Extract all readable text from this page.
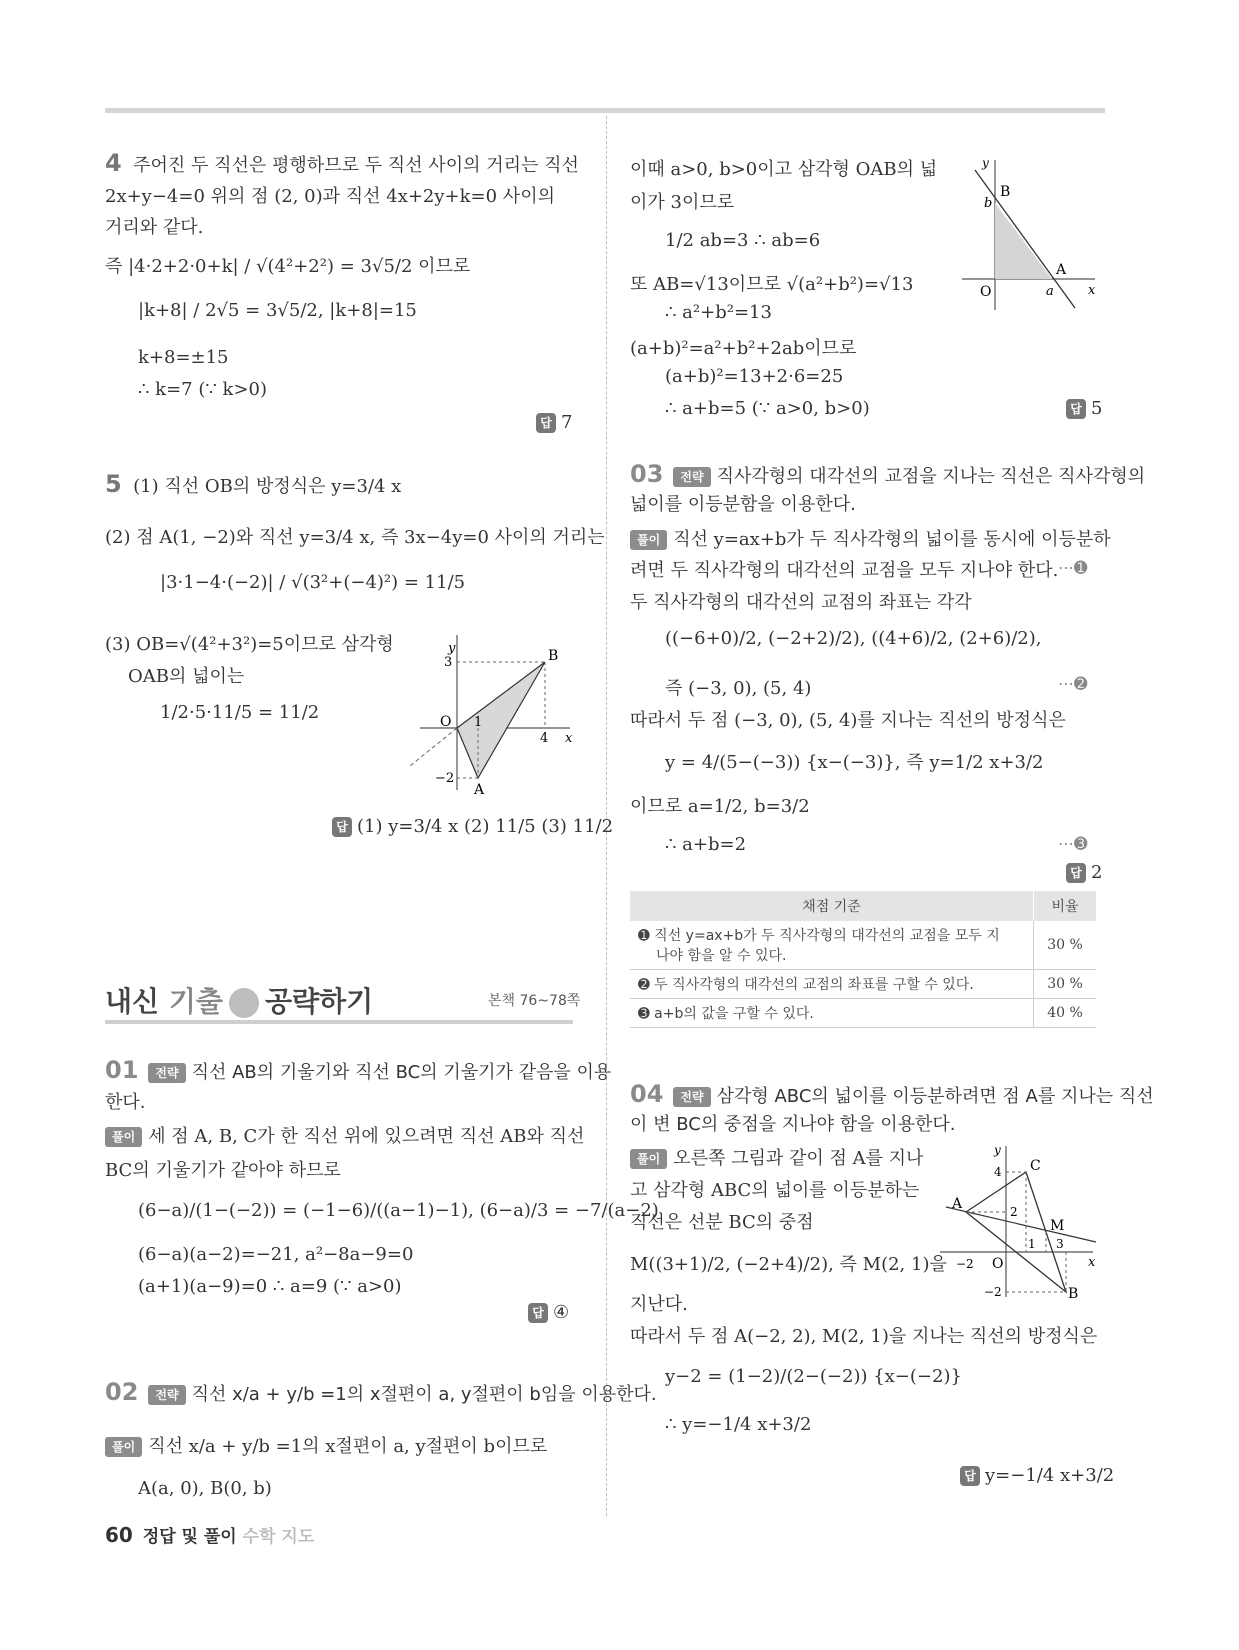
4 주어진 두 직선은 평행하므로 두 직선 사이의 거리는 직선
2x+y−4=0 위의 점 (2, 0)과 직선 4x+2y+k=0 사이의
거리와 같다.
즉 |4·2+2·0+k| / √(4²+2²) = 3√5/2 이므로
|k+8| / 2√5 = 3√5/2, |k+8|=15
k+8=±15
∴ k=7 (∵ k>0)
답 7
5 (1) 직선 OB의 방정식은 y=3/4 x
(2) 점 A(1, −2)와 직선 y=3/4 x, 즉 3x−4y=0 사이의 거리는
|3·1−4·(−2)| / √(3²+(−4)²) = 11/5
(3) OB=√(4²+3²)=5이므로 삼각형
OAB의 넓이는
1/2·5·11/5 = 11/2
y
x
3
O 1
4
−2
B
A
답 (1) y=3/4 x (2) 11/5 (3) 11/2
내신 기출 공략하기	본책 76~78쪽
01 전략 직선 AB의 기울기와 직선 BC의 기울기가 같음을 이용
한다.
풀이 세 점 A, B, C가 한 직선 위에 있으려면 직선 AB와 직선
BC의 기울기가 같아야 하므로
(6−a)/(1−(−2)) = (−1−6)/((a−1)−1), (6−a)/3 = −7/(a−2)
(6−a)(a−2)=−21, a²−8a−9=0
(a+1)(a−9)=0 ∴ a=9 (∵ a>0)
답 ④
02 전략 직선 x/a + y/b =1의 x절편이 a, y절편이 b임을 이용한다.
풀이 직선 x/a + y/b =1의 x절편이 a, y절편이 b이므로
A(a, 0), B(0, b)
60 정답 및 풀이 수학 지도
이때 a>0, b>0이고 삼각형 OAB의 넓
이가 3이므로
1/2 ab=3 ∴ ab=6
또 AB=√13이므로 √(a²+b²)=√13
∴ a²+b²=13
(a+b)²=a²+b²+2ab이므로
(a+b)²=13+2·6=25
∴ a+b=5 (∵ a>0, b>0)	답 5
y
x
B
b
O
A
a
03 전략 직사각형의 대각선의 교점을 지나는 직선은 직사각형의
넓이를 이등분함을 이용한다.
풀이 직선 y=ax+b가 두 직사각형의 넓이를 동시에 이등분하
려면 두 직사각형의 대각선의 교점을 모두 지나야 한다. ⋯➊
두 직사각형의 대각선의 교점의 좌표는 각각
((−6+0)/2, (−2+2)/2), ((4+6)/2, (2+6)/2),
즉 (−3, 0), (5, 4)	⋯➋
따라서 두 점 (−3, 0), (5, 4)를 지나는 직선의 방정식은
y = 4/(5−(−3)) {x−(−3)}, 즉 y=1/2 x+3/2
이므로 a=1/2, b=3/2
∴ a+b=2	⋯➌
답 2
채점 기준	비율

➊ 직선 y=ax+b가 두 직사각형의 대각선의 교점을 모두 지
나야 함을 알 수 있다.	30 %
➋ 두 직사각형의 대각선의 교점의 좌표를 구할 수 있다.	30 %
➌ a+b의 값을 구할 수 있다.	40 %
04 전략 삼각형 ABC의 넓이를 이등분하려면 점 A를 지나는 직선
이 변 BC의 중점을 지나야 함을 이용한다.
풀이 오른쪽 그림과 같이 점 A를 지나
고 삼각형 ABC의 넓이를 이등분하는
직선은 선분 BC의 중점
M((3+1)/2, (−2+4)/2), 즉 M(2, 1)을
지난다.
따라서 두 점 A(−2, 2), M(2, 1)을 지나는 직선의 방정식은
y−2 = (1−2)/(2−(−2)) {x−(−2)}
∴ y=−1/4 x+3/2
답 y=−1/4 x+3/2
y
x
C
A
M
B
O
4
2
1 3
−2
−2
